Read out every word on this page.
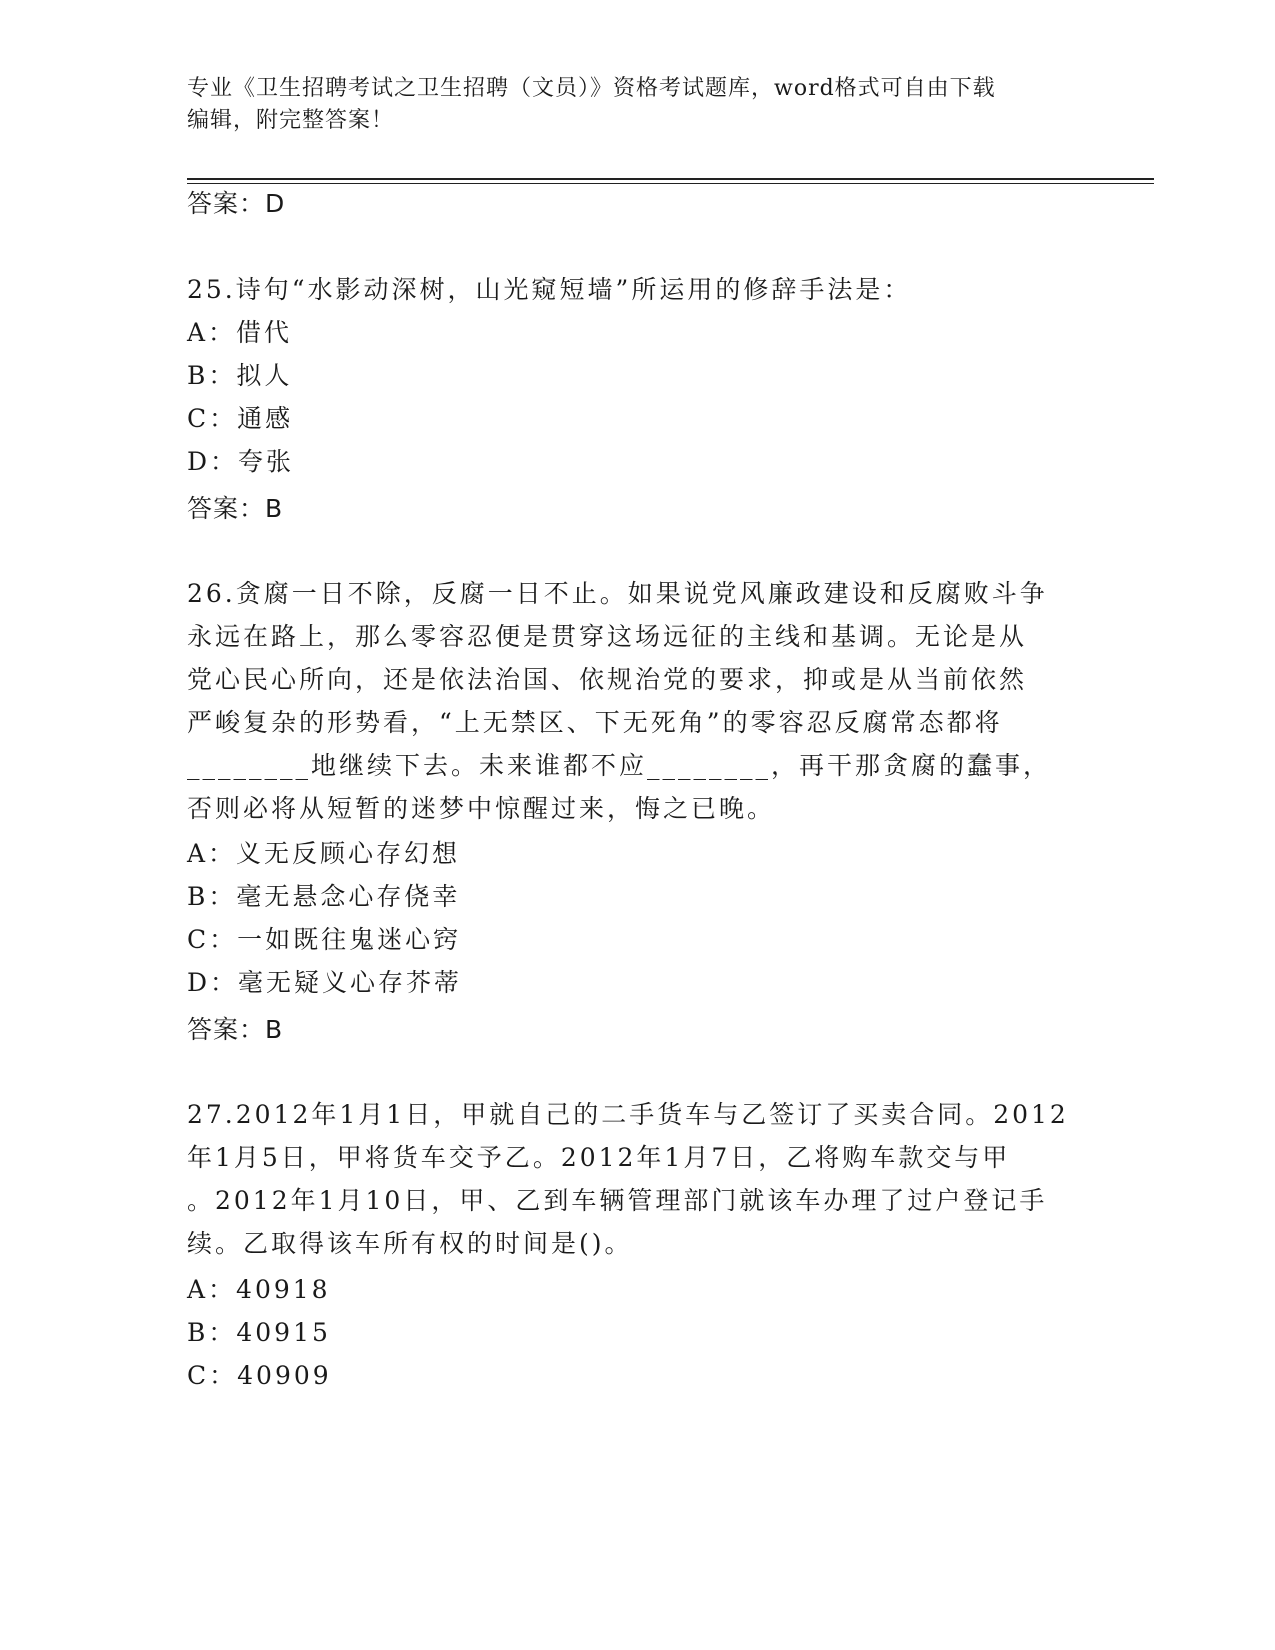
专业《卫生招聘考试之卫生招聘（文员）》资格考试题库，word格式可自由下载
编辑，附完整答案！
答案：D
25.诗句“水影动深树，山光窥短墙”所运用的修辞手法是：
A：借代
B：拟人
C：通感
D：夸张
答案：B
26.贪腐一日不除，反腐一日不止。如果说党风廉政建设和反腐败斗争
永远在路上，那么零容忍便是贯穿这场远征的主线和基调。无论是从
党心民心所向，还是依法治国、依规治党的要求，抑或是从当前依然
严峻复杂的形势看，“上无禁区、下无死角”的零容忍反腐常态都将
________地继续下去。未来谁都不应________，再干那贪腐的蠢事，
否则必将从短暂的迷梦中惊醒过来，悔之已晚。
A：义无反顾心存幻想
B：毫无悬念心存侥幸
C：一如既往鬼迷心窍
D：毫无疑义心存芥蒂
答案：B
27.2012年1月1日，甲就自己的二手货车与乙签订了买卖合同。2012
年1月5日，甲将货车交予乙。2012年1月7日，乙将购车款交与甲
。2012年1月10日，甲、乙到车辆管理部门就该车办理了过户登记手
续。乙取得该车所有权的时间是()。
A：40918
B：40915
C：40909
